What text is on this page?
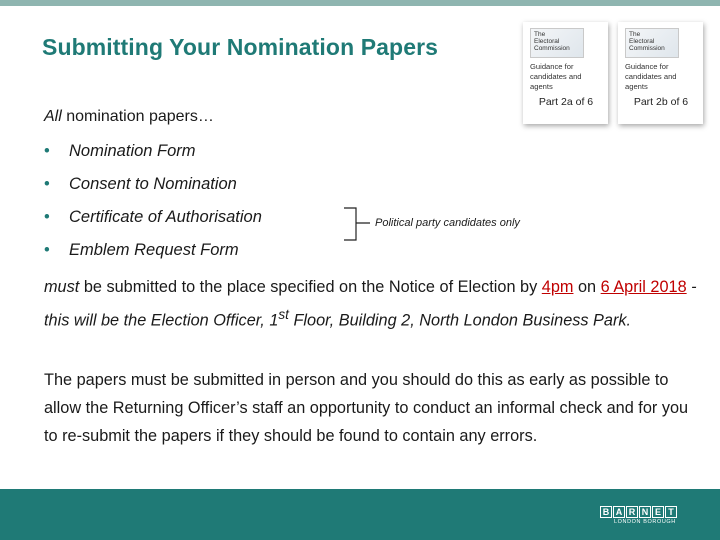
Submitting Your Nomination Papers	The
Electoral
Commission
Guidance for candidates and agents
Part 2a of 6
The
Electoral
Commission
Guidance for candidates and agents
Part 2b of 6
All nomination papers…
• Nomination Form
• Consent to Nomination
• Certificate of Authorisation
• Emblem Request Form
Political party candidates only

must be submitted to the place specified on the Notice of Election by 4pm on 6 April 2018 - this will be the Election Officer, 1st Floor, Building 2, North London Business Park.

The papers must be submitted in person and you should do this as early as possible to allow the Returning Officer’s staff an opportunity to conduct an informal check and for you to re-submit the papers if they should be found to contain any errors.

B A R N E T
LONDON BOROUGH
